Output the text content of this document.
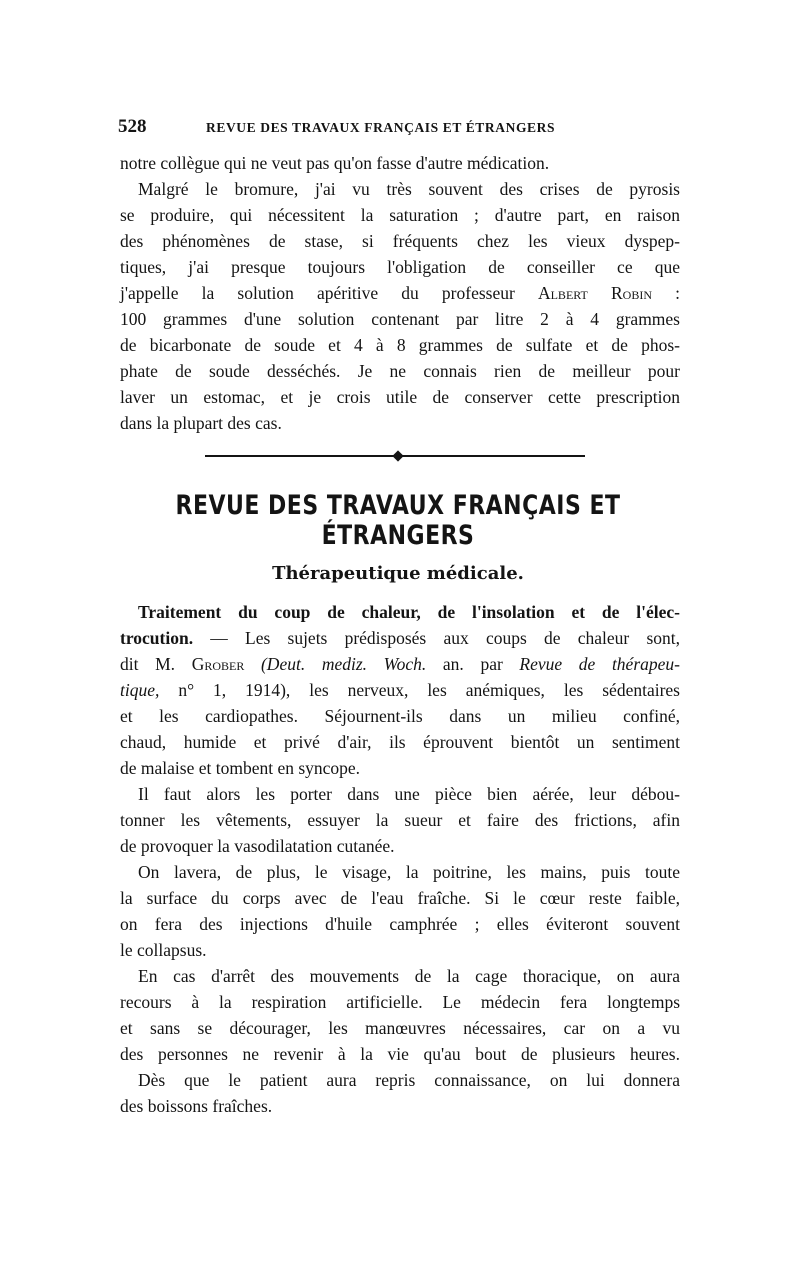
528	REVUE DES TRAVAUX FRANÇAIS ET ÉTRANGERS
notre collègue qui ne veut pas qu'on fasse d'autre médication.
Malgré le bromure, j'ai vu très souvent des crises de pyrosis
se produire, qui nécessitent la saturation ; d'autre part, en raison
des phénomènes de stase, si fréquents chez les vieux dyspep-
tiques, j'ai presque toujours l'obligation de conseiller ce que
j'appelle la solution apéritive du professeur Albert Robin :
100 grammes d'une solution contenant par litre 2 à 4 grammes
de bicarbonate de soude et 4 à 8 grammes de sulfate et de phos-
phate de soude desséchés. Je ne connais rien de meilleur pour
laver un estomac, et je crois utile de conserver cette prescription
dans la plupart des cas.
REVUE DES TRAVAUX FRANÇAIS ET ÉTRANGERS
Thérapeutique médicale.
Traitement du coup de chaleur, de l'insolation et de l'élec-
trocution. — Les sujets prédisposés aux coups de chaleur sont,
dit M. Grober (Deut. mediz. Woch. an. par Revue de thérapeu-
tique, n° 1, 1914), les nerveux, les anémiques, les sédentaires
et les cardiopathes. Séjournent-ils dans un milieu confiné,
chaud, humide et privé d'air, ils éprouvent bientôt un sentiment
de malaise et tombent en syncope.
Il faut alors les porter dans une pièce bien aérée, leur débou-
tonner les vêtements, essuyer la sueur et faire des frictions, afin
de provoquer la vasodilatation cutanée.
On lavera, de plus, le visage, la poitrine, les mains, puis toute
la surface du corps avec de l'eau fraîche. Si le cœur reste faible,
on fera des injections d'huile camphrée ; elles éviteront souvent
le collapsus.
En cas d'arrêt des mouvements de la cage thoracique, on aura
recours à la respiration artificielle. Le médecin fera longtemps
et sans se décourager, les manœuvres nécessaires, car on a vu
des personnes ne revenir à la vie qu'au bout de plusieurs heures.
Dès que le patient aura repris connaissance, on lui donnera
des boissons fraîches.
